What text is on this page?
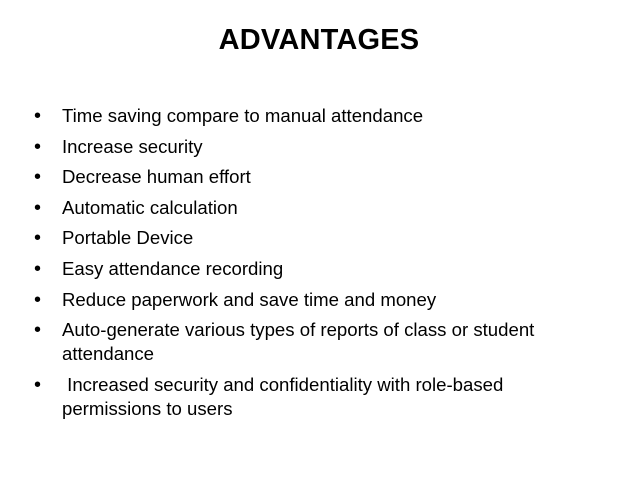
ADVANTAGES
•	Time saving compare to manual attendance
•	Increase security
•	Decrease human effort
•	Automatic calculation
•	Portable Device
•	Easy attendance recording
•	Reduce paperwork and save time and money
•	Auto-generate various types of reports of class or student attendance
•	Increased security and confidentiality with role-based permissions to users
